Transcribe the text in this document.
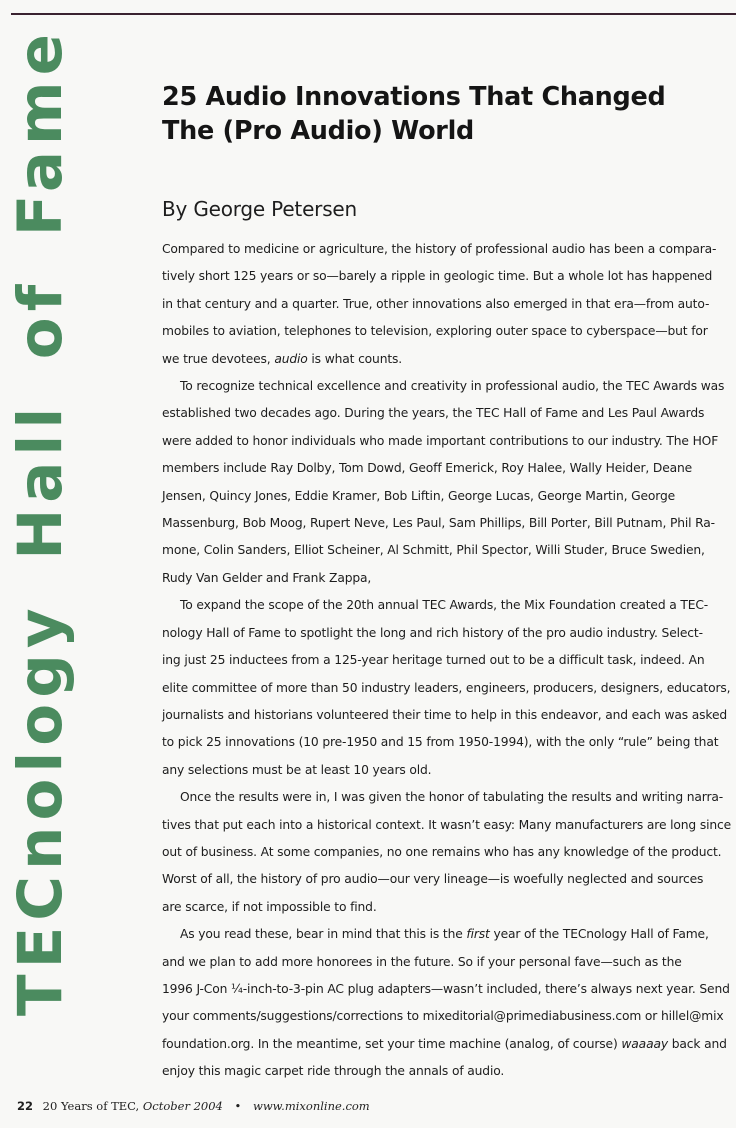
TECnology Hall of Fame	25 Audio Innovations That Changed
The (Pro Audio) World
By George Petersen

Compared to medicine or agriculture, the history of professional audio has been a compara-
tively short 125 years or so—barely a ripple in geologic time. But a whole lot has happened
in that century and a quarter. True, other innovations also emerged in that era—from auto-
mobiles to aviation, telephones to television, exploring outer space to cyberspace—but for
we true devotees, audio is what counts.

To recognize technical excellence and creativity in professional audio, the TEC Awards was
established two decades ago. During the years, the TEC Hall of Fame and Les Paul Awards
were added to honor individuals who made important contributions to our industry. The HOF
members include Ray Dolby, Tom Dowd, Geoff Emerick, Roy Halee, Wally Heider, Deane
Jensen, Quincy Jones, Eddie Kramer, Bob Liftin, George Lucas, George Martin, George
Massenburg, Bob Moog, Rupert Neve, Les Paul, Sam Phillips, Bill Porter, Bill Putnam, Phil Ra-
mone, Colin Sanders, Elliot Scheiner, Al Schmitt, Phil Spector, Willi Studer, Bruce Swedien,
Rudy Van Gelder and Frank Zappa,

To expand the scope of the 20th annual TEC Awards, the Mix Foundation created a TEC-
nology Hall of Fame to spotlight the long and rich history of the pro audio industry. Select-
ing just 25 inductees from a 125-year heritage turned out to be a difficult task, indeed. An
elite committee of more than 50 industry leaders, engineers, producers, designers, educators,
journalists and historians volunteered their time to help in this endeavor, and each was asked
to pick 25 innovations (10 pre-1950 and 15 from 1950-1994), with the only “rule” being that
any selections must be at least 10 years old.

Once the results were in, I was given the honor of tabulating the results and writing narra-
tives that put each into a historical context. It wasn’t easy: Many manufacturers are long since
out of business. At some companies, no one remains who has any knowledge of the product.
Worst of all, the history of pro audio—our very lineage—is woefully neglected and sources
are scarce, if not impossible to find.

As you read these, bear in mind that this is the first year of the TECnology Hall of Fame,
and we plan to add more honorees in the future. So if your personal fave—such as the
1996 J-Con ¼-inch-to-3-pin AC plug adapters—wasn’t included, there’s always next year. Send
your comments/suggestions/corrections to mixeditorial@primediabusiness.com or hillel@mix
foundation.org. In the meantime, set your time machine (analog, of course) waaaay back and
enjoy this magic carpet ride through the annals of audio.

22 20 Years of TEC, October 2004 • www.mixonline.com
